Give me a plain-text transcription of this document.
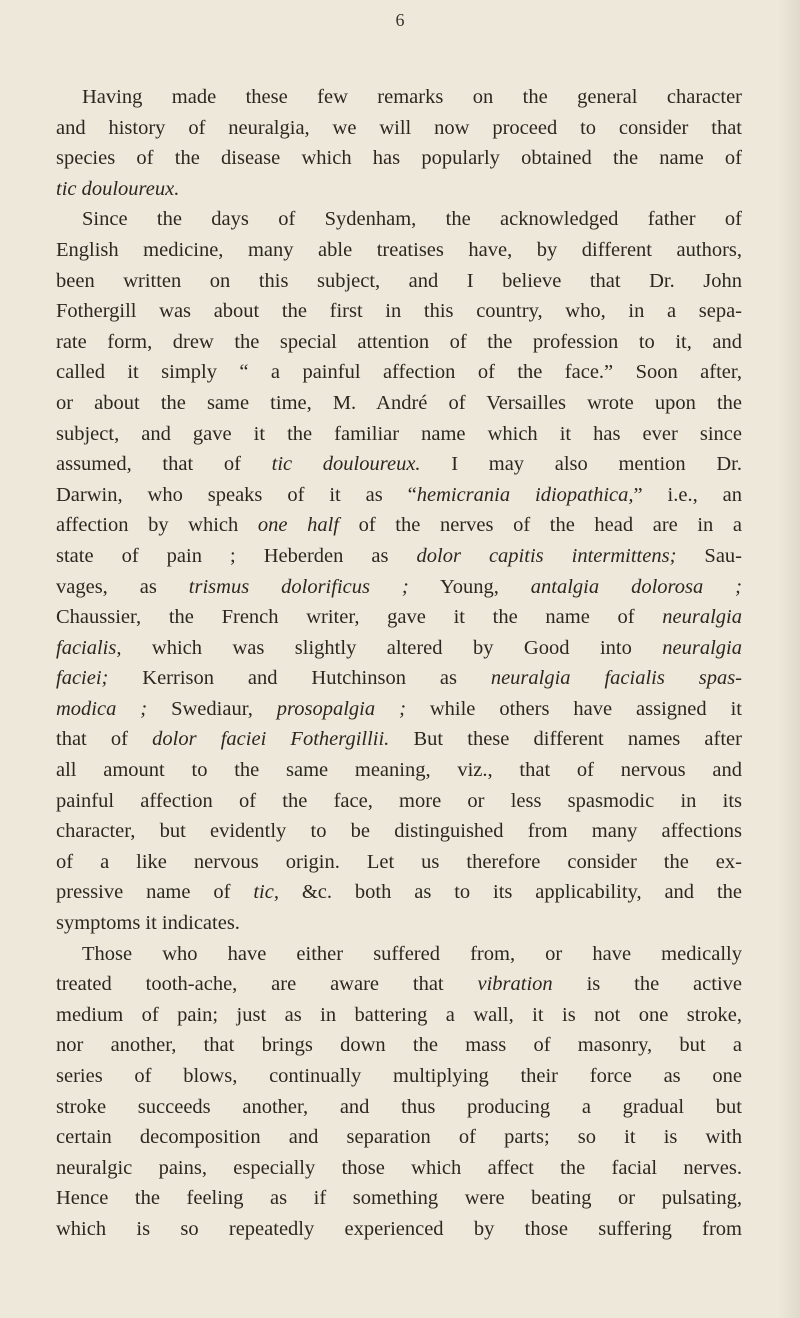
6
Having made these few remarks on the general character
and history of neuralgia, we will now proceed to consider that
species of the disease which has popularly obtained the name of
tic douloureux.
Since the days of Sydenham, the acknowledged father of
English medicine, many able treatises have, by different authors,
been written on this subject, and I believe that Dr. John
Fothergill was about the first in this country, who, in a sepa-
rate form, drew the special attention of the profession to it, and
called it simply “ a painful affection of the face.” Soon after,
or about the same time, M. André of Versailles wrote upon the
subject, and gave it the familiar name which it has ever since
assumed, that of tic douloureux. I may also mention Dr.
Darwin, who speaks of it as “hemicrania idiopathica,” i.e., an
affection by which one half of the nerves of the head are in a
state of pain ; Heberden as dolor capitis intermittens; Sau-
vages, as trismus dolorificus ; Young, antalgia dolorosa ;
Chaussier, the French writer, gave it the name of neuralgia
facialis, which was slightly altered by Good into neuralgia
faciei; Kerrison and Hutchinson as neuralgia facialis spas-
modica ; Swediaur, prosopalgia ; while others have assigned it
that of dolor faciei Fothergillii. But these different names after
all amount to the same meaning, viz., that of nervous and
painful affection of the face, more or less spasmodic in its
character, but evidently to be distinguished from many affections
of a like nervous origin. Let us therefore consider the ex-
pressive name of tic, &c. both as to its applicability, and the
symptoms it indicates.
Those who have either suffered from, or have medically
treated tooth-ache, are aware that vibration is the active
medium of pain; just as in battering a wall, it is not one stroke,
nor another, that brings down the mass of masonry, but a
series of blows, continually multiplying their force as one
stroke succeeds another, and thus producing a gradual but
certain decomposition and separation of parts; so it is with
neuralgic pains, especially those which affect the facial nerves.
Hence the feeling as if something were beating or pulsating,
which is so repeatedly experienced by those suffering from
